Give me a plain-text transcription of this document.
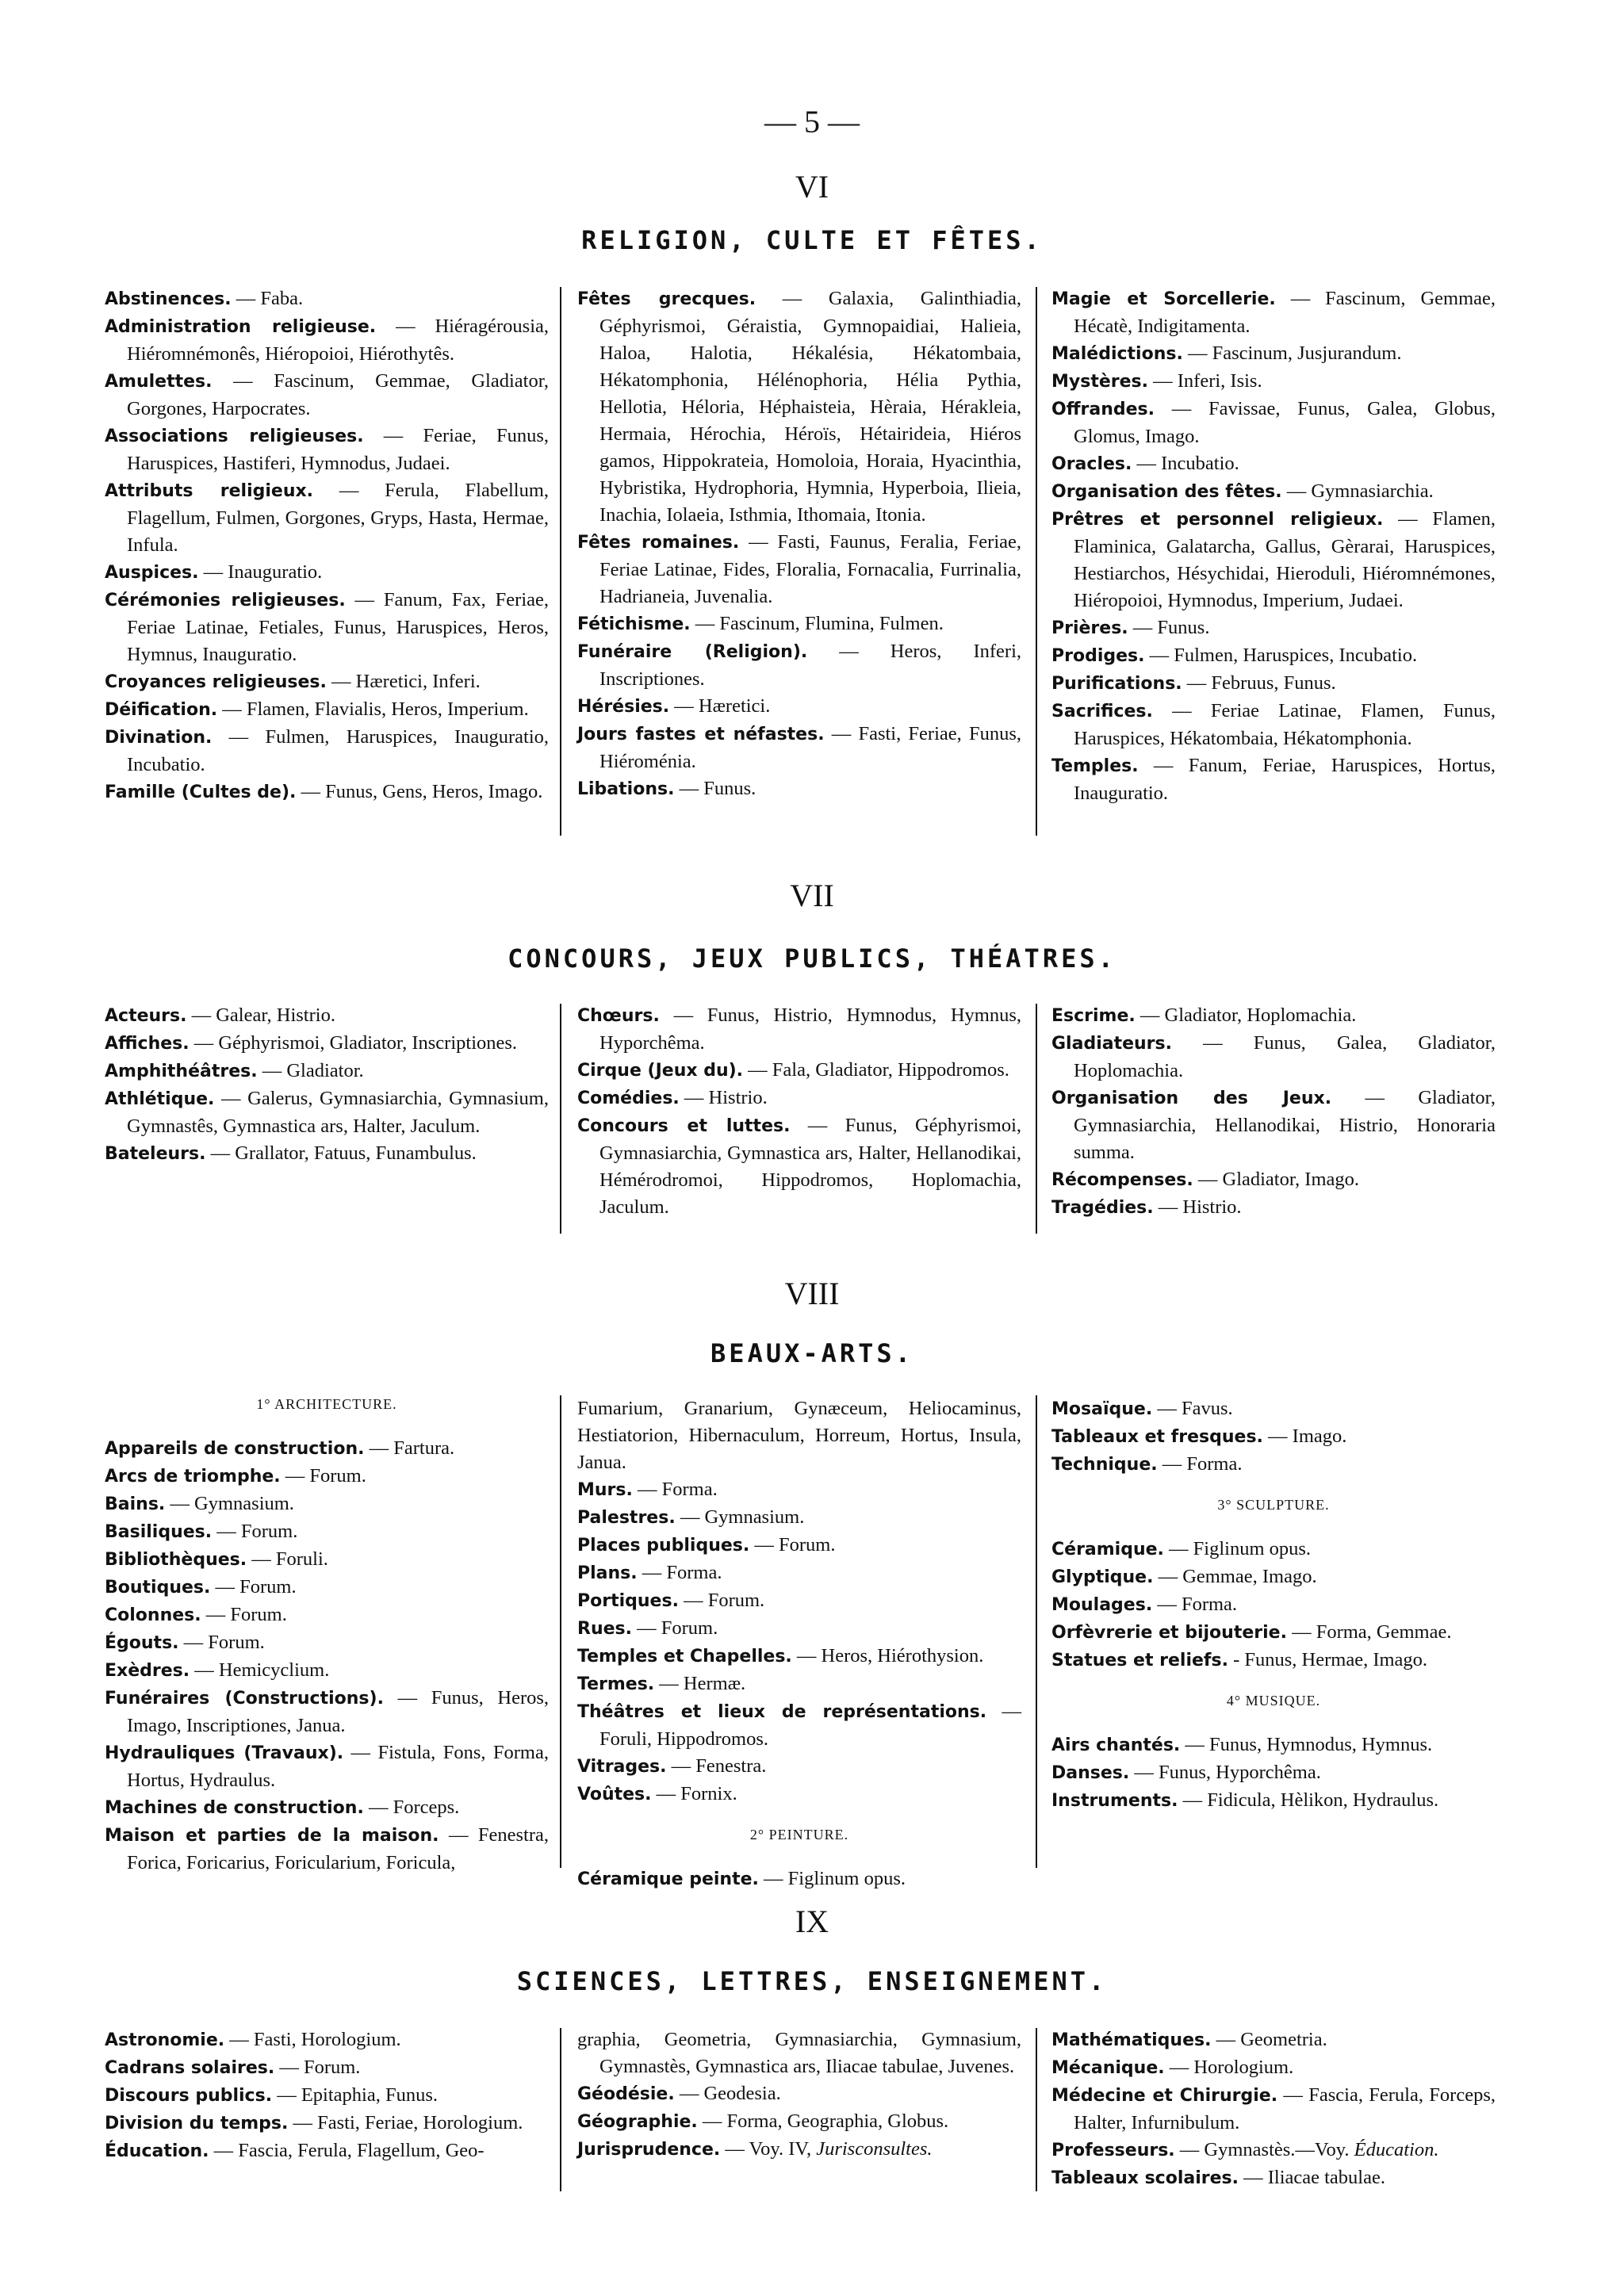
— 5 —
VI
RELIGION, CULTE ET FÊTES.
Abstinences. — Faba.
Administration religieuse. — Hiéragérousia, Hiéromnémonês, Hiéropoioi, Hiérothytês.
Amulettes. — Fascinum, Gemmae, Gladiator, Gorgones, Harpocrates.
Associations religieuses. — Feriae, Funus, Haruspices, Hastiferi, Hymnodus, Judaei.
Attributs religieux. — Ferula, Flabellum, Flagellum, Fulmen, Gorgones, Gryps, Hasta, Hermae, Infula.
Auspices. — Inauguratio.
Cérémonies religieuses. — Fanum, Fax, Feriae, Feriae Latinae, Fetiales, Funus, Haruspices, Heros, Hymnus, Inauguratio.
Croyances religieuses. — Hæretici, Inferi.
Déification. — Flamen, Flavialis, Heros, Imperium.
Divination. — Fulmen, Haruspices, Inauguratio, Incubatio.
Famille (Cultes de). — Funus, Gens, Heros, Imago.
Fêtes grecques. — Galaxia, Galinthiadia, Géphyrismoi, Géraistia, Gymnopaidiai, Halieia, Haloa, Halotia, Hékalésia, Hékatombaia, Hékatomphonia, Hélénophoria, Hélia Pythia, Hellotia, Héloria, Héphaisteia, Hèraia, Hérakleia, Hermaia, Hérochia, Héroïs, Hétairideia, Hiéros gamos, Hippokrateia, Homoloia, Horaia, Hyacinthia, Hybristika, Hydrophoria, Hymnia, Hyperboia, Ilieia, Inachia, Iolaeia, Isthmia, Ithomaia, Itonia.
Fêtes romaines. — Fasti, Faunus, Feralia, Feriae, Feriae Latinae, Fides, Floralia, Fornacalia, Furrinalia, Hadrianeia, Juvenalia.
Fétichisme. — Fascinum, Flumina, Fulmen.
Funéraire (Religion). — Heros, Inferi, Inscriptiones.
Hérésies. — Hæretici.
Jours fastes et néfastes. — Fasti, Feriae, Funus, Hiéroménia.
Libations. — Funus.
Magie et Sorcellerie. — Fascinum, Gemmae, Hécatè, Indigitamenta.
Malédictions. — Fascinum, Jusjurandum.
Mystères. — Inferi, Isis.
Offrandes. — Favissae, Funus, Galea, Globus, Glomus, Imago.
Oracles. — Incubatio.
Organisation des fêtes. — Gymnasiarchia.
Prêtres et personnel religieux. — Flamen, Flaminica, Galatarcha, Gallus, Gèrarai, Haruspices, Hestiarchos, Hésychidai, Hieroduli, Hiéromnémones, Hiéropoioi, Hymnodus, Imperium, Judaei.
Prières. — Funus.
Prodiges. — Fulmen, Haruspices, Incubatio.
Purifications. — Februus, Funus.
Sacrifices. — Feriae Latinae, Flamen, Funus, Haruspices, Hékatombaia, Hékatomphonia.
Temples. — Fanum, Feriae, Haruspices, Hortus, Inauguratio.
VII
CONCOURS, JEUX PUBLICS, THÉATRES.
Acteurs. — Galear, Histrio.
Affiches. — Géphyrismoi, Gladiator, Inscriptiones.
Amphithéâtres. — Gladiator.
Athlétique. — Galerus, Gymnasiarchia, Gymnasium, Gymnastês, Gymnastica ars, Halter, Jaculum.
Bateleurs. — Grallator, Fatuus, Funambulus.
Chœurs. — Funus, Histrio, Hymnodus, Hymnus, Hyporchêma.
Cirque (Jeux du). — Fala, Gladiator, Hippodromos.
Comédies. — Histrio.
Concours et luttes. — Funus, Géphyrismoi, Gymnasiarchia, Gymnastica ars, Halter, Hellanodikai, Hémérodromoi, Hippodromos, Hoplomachia, Jaculum.
Escrime. — Gladiator, Hoplomachia.
Gladiateurs. — Funus, Galea, Gladiator, Hoplomachia.
Organisation des Jeux. — Gladiator, Gymnasiarchia, Hellanodikai, Histrio, Honoraria summa.
Récompenses. — Gladiator, Imago.
Tragédies. — Histrio.
VIII
BEAUX-ARTS.
1° ARCHITECTURE.
Appareils de construction. — Fartura.
Arcs de triomphe. — Forum.
Bains. — Gymnasium.
Basiliques. — Forum.
Bibliothèques. — Foruli.
Boutiques. — Forum.
Colonnes. — Forum.
Égouts. — Forum.
Exèdres. — Hemicyclium.
Funéraires (Constructions). — Funus, Heros, Imago, Inscriptiones, Janua.
Hydrauliques (Travaux). — Fistula, Fons, Forma, Hortus, Hydraulus.
Machines de construction. — Forceps.
Maison et parties de la maison. — Fenestra, Forica, Foricarius, Foricularium, Foricula,
Fumarium, Granarium, Gynæceum, Heliocaminus, Hestiatorion, Hibernaculum, Horreum, Hortus, Insula, Janua.
Murs. — Forma.
Palestres. — Gymnasium.
Places publiques. — Forum.
Plans. — Forma.
Portiques. — Forum.
Rues. — Forum.
Temples et Chapelles. — Heros, Hiérothysion.
Termes. — Hermæ.
Théâtres et lieux de représentations. — Foruli, Hippodromos.
Vitrages. — Fenestra.
Voûtes. — Fornix.
2° PEINTURE.
Céramique peinte. — Figlinum opus.
Mosaïque. — Favus.
Tableaux et fresques. — Imago.
Technique. — Forma.
3° SCULPTURE.
Céramique. — Figlinum opus.
Glyptique. — Gemmae, Imago.
Moulages. — Forma.
Orfèvrerie et bijouterie. — Forma, Gemmae.
Statues et reliefs. - Funus, Hermae, Imago.
4° MUSIQUE.
Airs chantés. — Funus, Hymnodus, Hymnus.
Danses. — Funus, Hyporchêma.
Instruments. — Fidicula, Hèlikon, Hydraulus.
IX
SCIENCES, LETTRES, ENSEIGNEMENT.
Astronomie. — Fasti, Horologium.
Cadrans solaires. — Forum.
Discours publics. — Epitaphia, Funus.
Division du temps. — Fasti, Feriae, Horologium.
Éducation. — Fascia, Ferula, Flagellum, Geo-
graphia, Geometria, Gymnasiarchia, Gymnasium, Gymnastès, Gymnastica ars, Iliacae tabulae, Juvenes.
Géodésie. — Geodesia.
Géographie. — Forma, Geographia, Globus.
Jurisprudence. — Voy. IV, Jurisconsultes.
Mathématiques. — Geometria.
Mécanique. — Horologium.
Médecine et Chirurgie. — Fascia, Ferula, Forceps, Halter, Infurnibulum.
Professeurs. — Gymnastès.—Voy. Éducation.
Tableaux scolaires. — Iliacae tabulae.
